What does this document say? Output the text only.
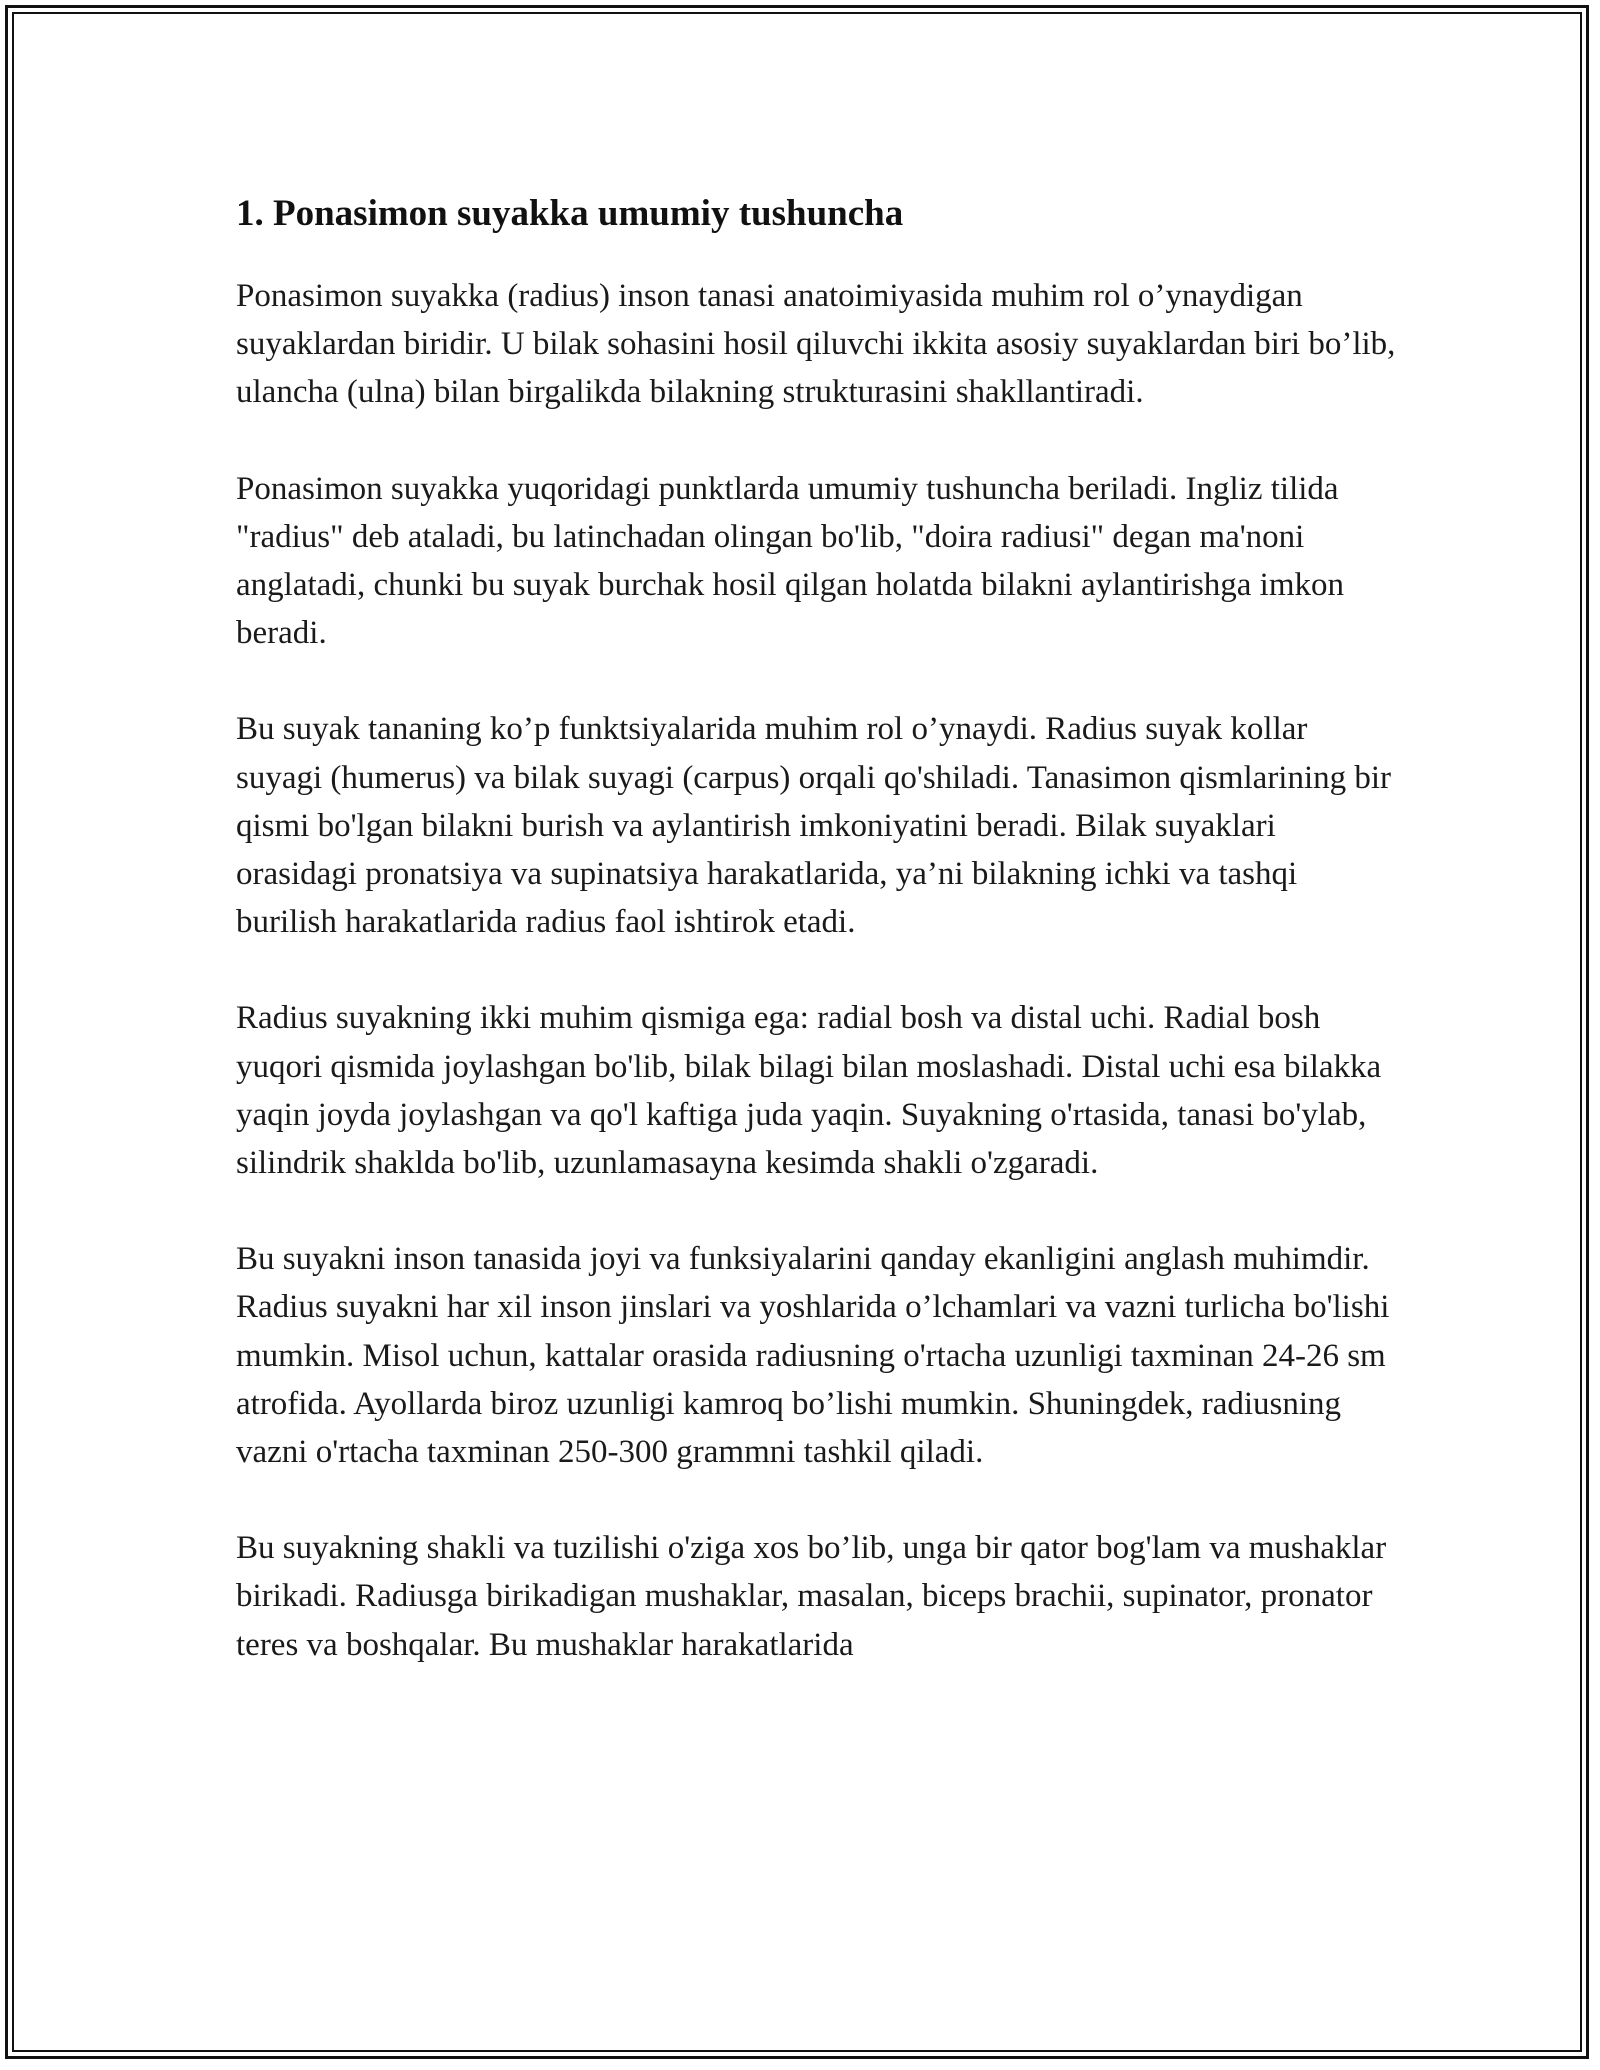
1. Ponasimon suyakka umumiy tushuncha

Ponasimon suyakka (radius) inson tanasi anatoimiyasida muhim rol o’ynaydigan suyaklardan biridir. U bilak sohasini hosil qiluvchi ikkita asosiy suyaklardan biri bo’lib, ulancha (ulna) bilan birgalikda bilakning strukturasini shakllantiradi.

Ponasimon suyakka yuqoridagi punktlarda umumiy tushuncha beriladi. Ingliz tilida "radius" deb ataladi, bu latinchadan olingan bo'lib, "doira radiusi" degan ma'noni anglatadi, chunki bu suyak burchak hosil qilgan holatda bilakni aylantirishga imkon beradi.

Bu suyak tananing ko’p funktsiyalarida muhim rol o’ynaydi. Radius suyak kollar suyagi (humerus) va bilak suyagi (carpus) orqali qo'shiladi. Tanasimon qismlarining bir qismi bo'lgan bilakni burish va aylantirish imkoniyatini beradi. Bilak suyaklari orasidagi pronatsiya va supinatsiya harakatlarida, ya’ni bilakning ichki va tashqi burilish harakatlarida radius faol ishtirok etadi.

Radius suyakning ikki muhim qismiga ega: radial bosh va distal uchi. Radial bosh yuqori qismida joylashgan bo'lib, bilak bilagi bilan moslashadi. Distal uchi esa bilakka yaqin joyda joylashgan va qo'l kaftiga juda yaqin. Suyakning o'rtasida, tanasi bo'ylab, silindrik shaklda bo'lib, uzunlamasayna kesimda shakli o'zgaradi.

Bu suyakni inson tanasida joyi va funksiyalarini qanday ekanligini anglash muhimdir. Radius suyakni har xil inson jinslari va yoshlarida o’lchamlari va vazni turlicha bo'lishi mumkin. Misol uchun, kattalar orasida radiusning o'rtacha uzunligi taxminan 24-26 sm atrofida. Ayollarda biroz uzunligi kamroq bo’lishi mumkin. Shuningdek, radiusning vazni o'rtacha taxminan 250-300 grammni tashkil qiladi.

Bu suyakning shakli va tuzilishi o'ziga xos bo’lib, unga bir qator bog'lam va mushaklar birikadi. Radiusga birikadigan mushaklar, masalan, biceps brachii, supinator, pronator teres va boshqalar. Bu mushaklar harakatlarida
